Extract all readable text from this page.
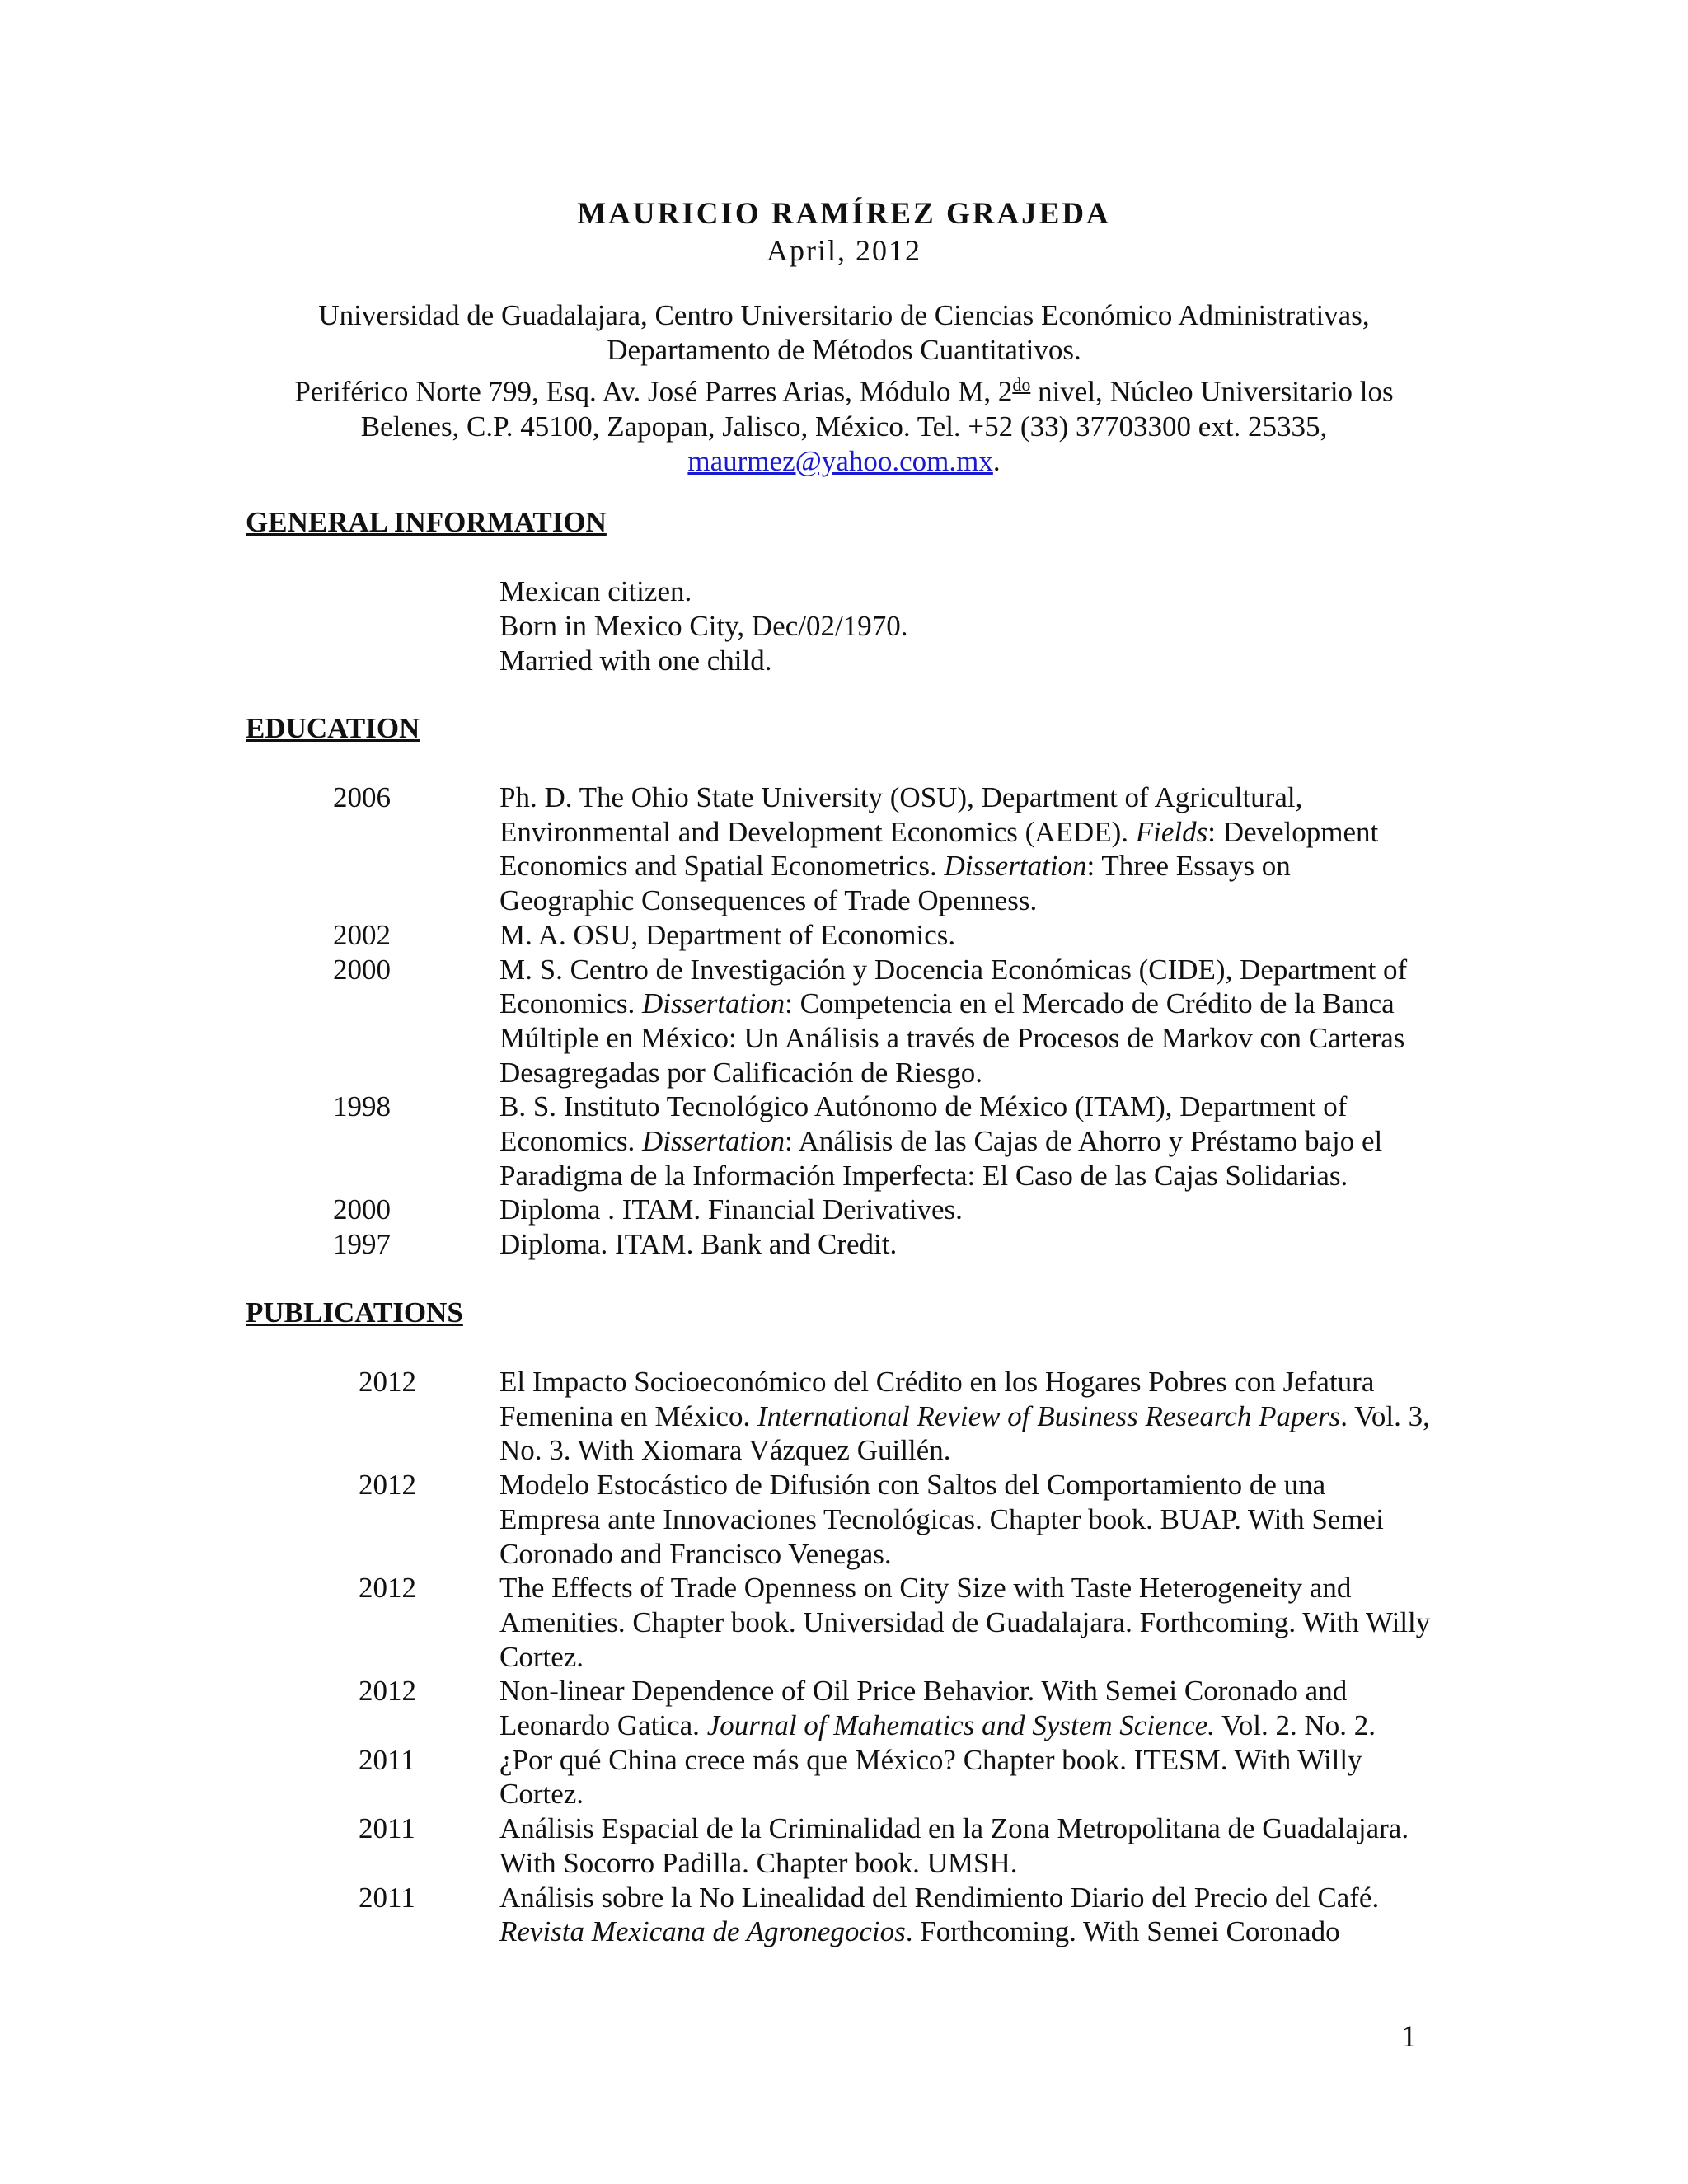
MAURICIO RAMÍREZ GRAJEDA
April, 2012

Universidad de Guadalajara, Centro Universitario de Ciencias Económico Administrativas,

Departamento de Métodos Cuantitativos.

Periférico Norte 799, Esq. Av. José Parres Arias, Módulo M, $2^{do}$ nivel, Núcleo Universitario los

Belenes, C.P. 45100, Zapopan, Jalisco, México. Tel. +52 (33) 37703300 ext. 25335,

maurmez@yahoo.com.mx.

GENERAL INFORMATION
Mexican citizen.
Born in Mexico City, Dec/02/1970.
Married with one child.
EDUCATION
2006	Ph. D. The Ohio State University (OSU), Department of Agricultural, Environmental and Development Economics (AEDE). Fields: Development Economics and Spatial Econometrics. Dissertation: Three Essays on Geographic Consequences of Trade Openness.
2002	M. A. OSU, Department of Economics.
2000	M. S. Centro de Investigación y Docencia Económicas (CIDE), Department of Economics. Dissertation: Competencia en el Mercado de Crédito de la Banca Múltiple en México: Un Análisis a través de Procesos de Markov con Carteras Desagregadas por Calificación de Riesgo.
1998	B. S. Instituto Tecnológico Autónomo de México (ITAM), Department of Economics. Dissertation: Análisis de las Cajas de Ahorro y Préstamo bajo el Paradigma de la Información Imperfecta: El Caso de las Cajas Solidarias.
2000	Diploma . ITAM. Financial Derivatives.
1997	Diploma. ITAM. Bank and Credit.
PUBLICATIONS
2012	El Impacto Socioeconómico del Crédito en los Hogares Pobres con Jefatura Femenina en México. International Review of Business Research Papers. Vol. 3, No. 3. With Xiomara Vázquez Guillén.
2012	Modelo Estocástico de Difusión con Saltos del Comportamiento de una Empresa ante Innovaciones Tecnológicas. Chapter book. BUAP. With Semei Coronado and Francisco Venegas.
2012	The Effects of Trade Openness on City Size with Taste Heterogeneity and Amenities. Chapter book. Universidad de Guadalajara. Forthcoming. With Willy Cortez.
2012	Non-linear Dependence of Oil Price Behavior. With Semei Coronado and Leonardo Gatica. Journal of Mahematics and System Science. Vol. 2. No. 2.
2011	¿Por qué China crece más que México? Chapter book. ITESM. With Willy Cortez.
2011	Análisis Espacial de la Criminalidad en la Zona Metropolitana de Guadalajara. With Socorro Padilla. Chapter book. UMSH.
2011	Análisis sobre la No Linealidad del Rendimiento Diario del Precio del Café. Revista Mexicana de Agronegocios. Forthcoming. With Semei Coronado
1
